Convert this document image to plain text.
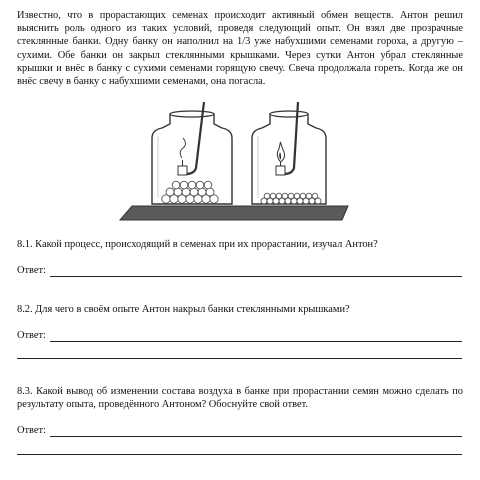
Известно, что в прорастающих семенах происходит активный обмен веществ. Антон решил выяснить роль одного из таких условий, проведя следующий опыт. Он взял две прозрачные стеклянные банки. Одну банку он наполнил на 1/3 уже набухшими семенами гороха, а другую – сухими. Обе банки он закрыл стеклянными крышками. Через сутки Антон убрал стеклянные крышки и внёс в банку с сухими семенами горящую свечу. Свеча продолжала гореть. Когда же он внёс свечу в банку с набухшими семенами, она погасла.
8.1. Какой процесс, происходящий в семенах при их прорастании, изучал Антон?
Ответ:
8.2. Для чего в своём опыте Антон накрыл банки стеклянными крышками?
Ответ:
8.3. Какой вывод об изменении состава воздуха в банке при прорастании семян можно сделать по результату опыта, проведённого Антоном? Обоснуйте свой ответ.
Ответ:
